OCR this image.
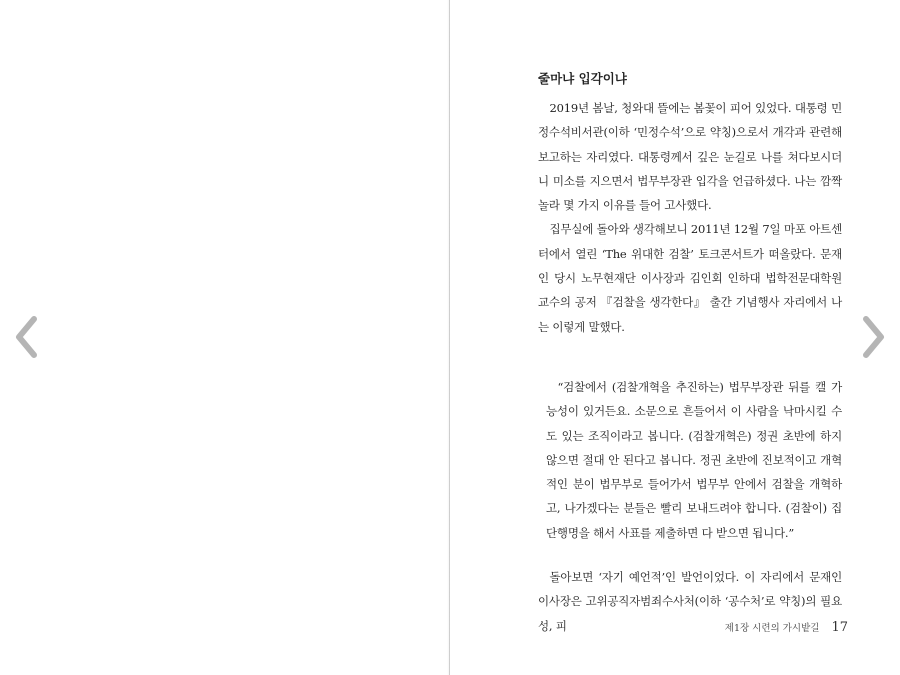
줄마냐 입각이냐

2019년 봄날, 청와대 뜰에는 봄꽃이 피어 있었다. 대통령 민정수석비서관(이하 ‘민정수석’으로 약칭)으로서 개각과 관련해 보고하는 자리였다. 대통령께서 깊은 눈길로 나를 쳐다보시더니 미소를 지으면서 법무부장관 입각을 언급하셨다. 나는 깜짝 놀라 몇 가지 이유를 들어 고사했다.

집무실에 돌아와 생각해보니 2011년 12월 7일 마포 아트센터에서 열린 ‘The 위대한 검찰’ 토크콘서트가 떠올랐다. 문재인 당시 노무현재단 이사장과 김인회 인하대 법학전문대학원 교수의 공저 『검찰을 생각한다』 출간 기념행사 자리에서 나는 이렇게 말했다.

“검찰에서 (검찰개혁을 추진하는) 법무부장관 뒤를 캘 가능성이 있거든요. 소문으로 흔들어서 이 사람을 낙마시킬 수도 있는 조직이라고 봅니다. (검찰개혁은) 정권 초반에 하지 않으면 절대 안 된다고 봅니다. 정권 초반에 진보적이고 개혁적인 분이 법무부로 들어가서 법무부 안에서 검찰을 개혁하고, 나가겠다는 분들은 빨리 보내드려야 합니다. (검찰이) 집단행명을 해서 사표를 제출하면 다 받으면 됩니다.”

돌아보면 ‘자기 예언적’인 발언이었다. 이 자리에서 문재인 이사장은 고위공직자범죄수사처(이하 ‘공수처’로 약칭)의 필요성, 피	제1장 시련의 가시밭길 17
